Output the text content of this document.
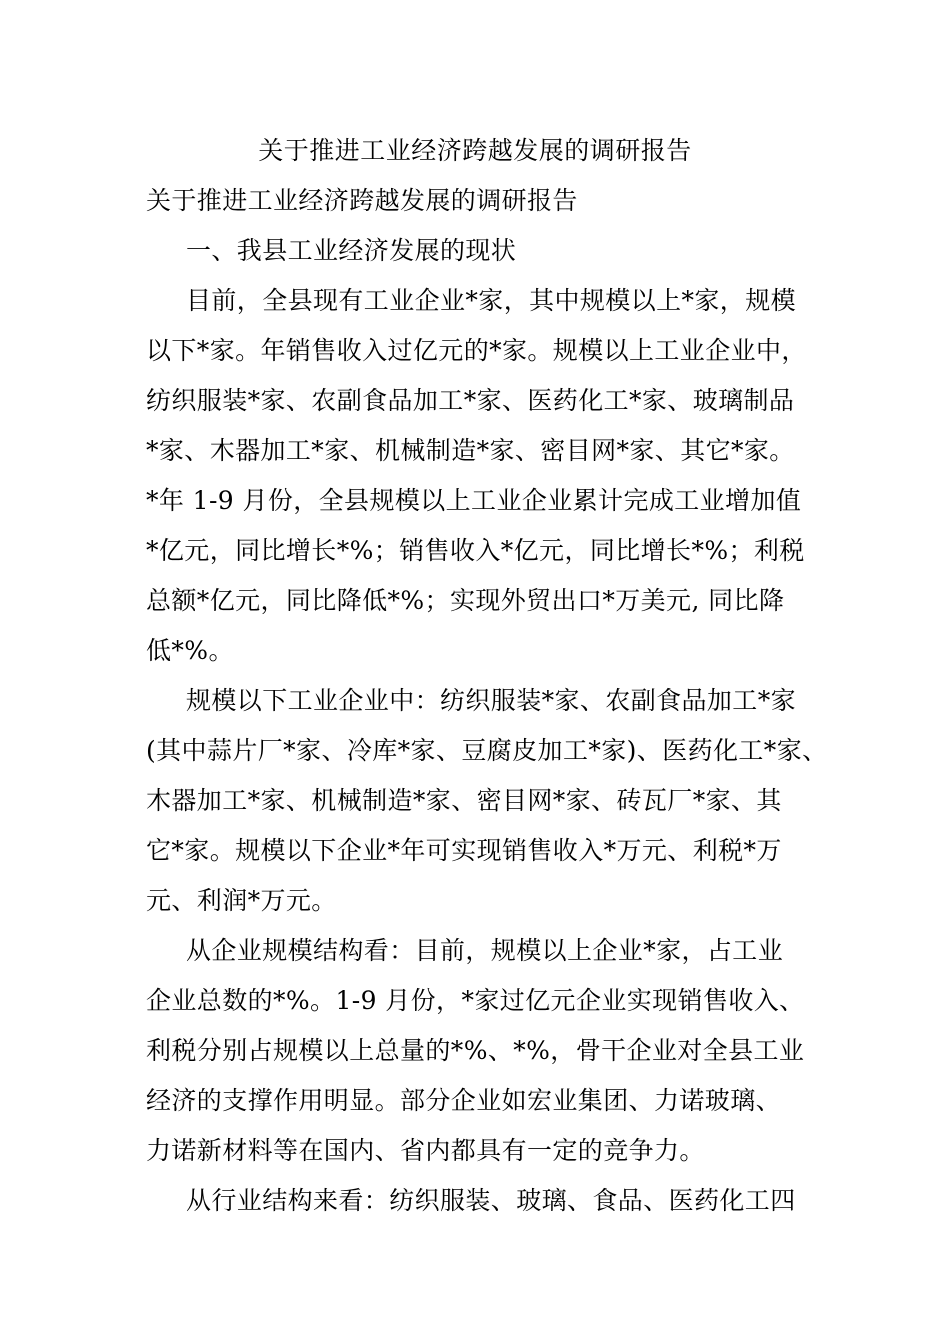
关于推进工业经济跨越发展的调研报告
关于推进工业经济跨越发展的调研报告
一、我县工业经济发展的现状
目前，全县现有工业企业*家，其中规模以上*家，规模
以下*家。年销售收入过亿元的*家。规模以上工业企业中，
纺织服装*家、农副食品加工*家、医药化工*家、玻璃制品
*家、木器加工*家、机械制造*家、密目网*家、其它*家。
*年 1-9 月份，全县规模以上工业企业累计完成工业增加值
*亿元，同比增长*%；销售收入*亿元，同比增长*%；利税
总额*亿元，同比降低*%；实现外贸出口*万美元, 同比降
低*%。
规模以下工业企业中：纺织服装*家、农副食品加工*家
(其中蒜片厂*家、冷库*家、豆腐皮加工*家)、医药化工*家、
木器加工*家、机械制造*家、密目网*家、砖瓦厂*家、其
它*家。规模以下企业*年可实现销售收入*万元、利税*万
元、利润*万元。
从企业规模结构看：目前，规模以上企业*家，占工业
企业总数的*%。1-9 月份，*家过亿元企业实现销售收入、
利税分别占规模以上总量的*%、*%，骨干企业对全县工业
经济的支撑作用明显。部分企业如宏业集团、力诺玻璃、
力诺新材料等在国内、省内都具有一定的竞争力。
从行业结构来看：纺织服装、玻璃、食品、医药化工四
